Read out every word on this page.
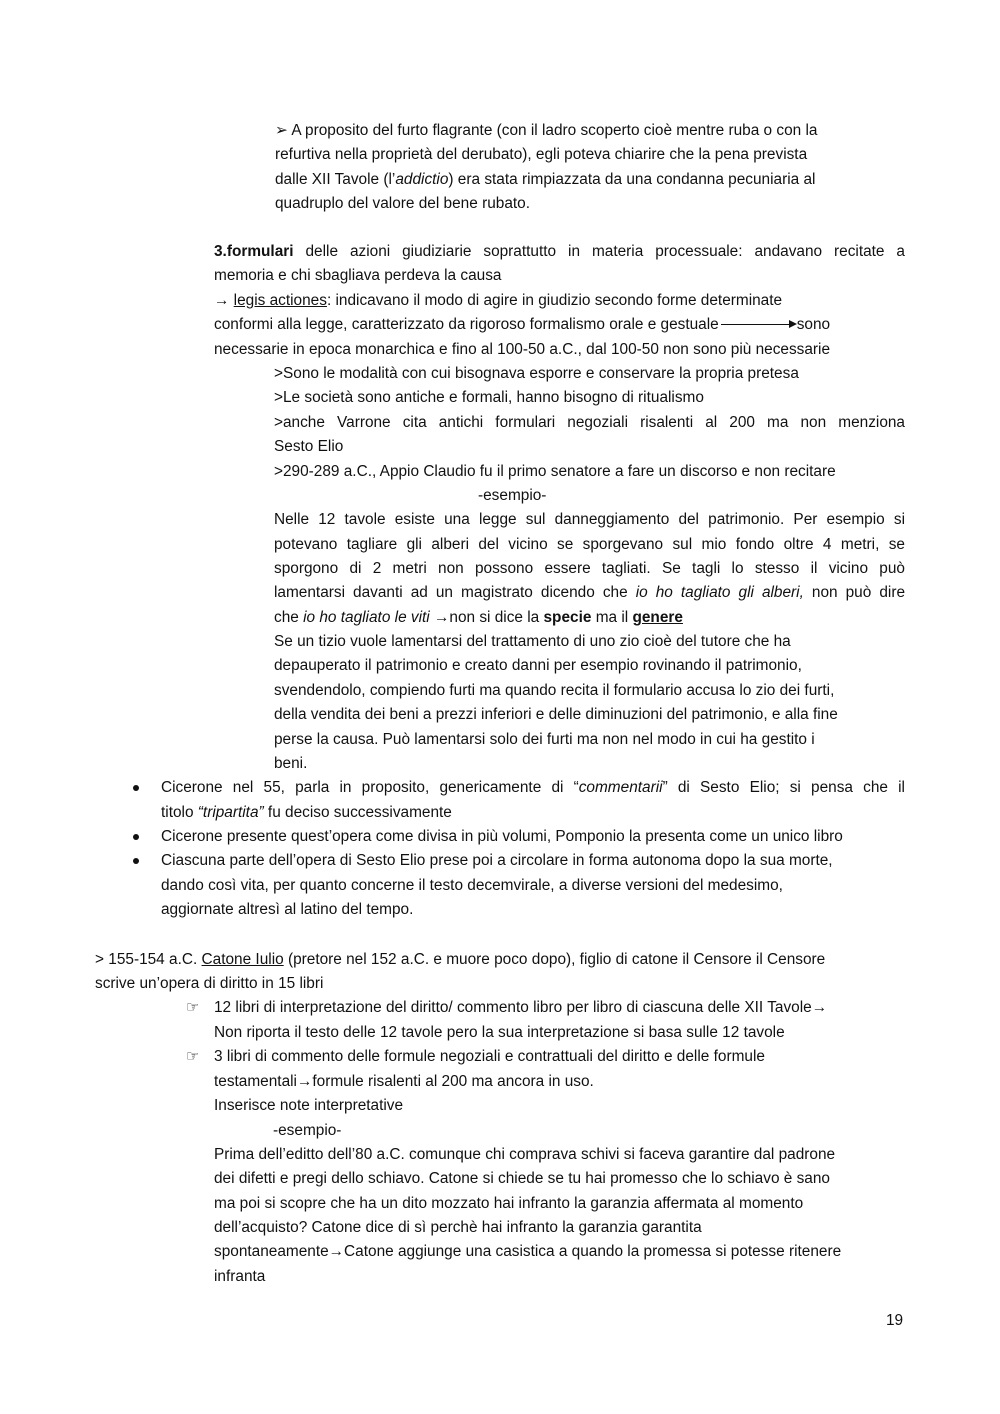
➢ A proposito del furto flagrante (con il ladro scoperto cioè mentre ruba o con la
refurtiva nella proprietà del derubato), egli poteva chiarire che la pena prevista
dalle XII Tavole (l’addictio) era stata rimpiazzata da una condanna pecuniaria al
quadruplo del valore del bene rubato.
3.formulari delle azioni giudiziarie soprattutto in materia processuale: andavano recitate a
memoria e chi sbagliava perdeva la causa
→ legis actiones: indicavano il modo di agire in giudizio secondo forme determinate
conformi alla legge, caratterizzato da rigoroso formalismo orale e gestuale	sono
necessarie in epoca monarchica e fino al 100-50 a.C., dal 100-50 non sono più necessarie
>Sono le modalità con cui bisognava esporre e conservare la propria pretesa
>Le società sono antiche e formali, hanno bisogno di ritualismo
>anche Varrone cita antichi formulari negoziali risalenti al 200 ma non menziona
Sesto Elio
>290-289 a.C., Appio Claudio fu il primo senatore a fare un discorso e non recitare
-esempio-
Nelle 12 tavole esiste una legge sul danneggiamento del patrimonio. Per esempio si
potevano tagliare gli alberi del vicino se sporgevano sul mio fondo oltre 4 metri, se
sporgono di 2 metri non possono essere tagliati. Se tagli lo stesso il vicino può
lamentarsi davanti ad un magistrato dicendo che io ho tagliato gli alberi, non può dire
che io ho tagliato le viti →non si dice la specie ma il genere
Se un tizio vuole lamentarsi del trattamento di uno zio cioè del tutore che ha
depauperato il patrimonio e creato danni per esempio rovinando il patrimonio,
svendendolo, compiendo furti ma quando recita il formulario accusa lo zio dei furti,
della vendita dei beni a prezzi inferiori e delle diminuzioni del patrimonio, e alla fine
perse la causa. Può lamentarsi solo dei furti ma non nel modo in cui ha gestito i
beni.
Cicerone nel 55, parla in proposito, genericamente di “commentarii” di Sesto Elio; si pensa che il
titolo “tripartita” fu deciso successivamente
Cicerone presente quest’opera come divisa in più volumi, Pomponio la presenta come un unico libro
Ciascuna parte dell’opera di Sesto Elio prese poi a circolare in forma autonoma dopo la sua morte,
dando così vita, per quanto concerne il testo decemvirale, a diverse versioni del medesimo,
aggiornate altresì al latino del tempo.
> 155-154 a.C. Catone Iulio (pretore nel 152 a.C. e muore poco dopo), figlio di catone il Censore il Censore
scrive un’opera di diritto in 15 libri
☞ 12 libri di interpretazione del diritto/ commento libro per libro di ciascuna delle XII Tavole→
Non riporta il testo delle 12 tavole pero la sua interpretazione si basa sulle 12 tavole
☞ 3 libri di commento delle formule negoziali e contrattuali del diritto e delle formule
testamentali→formule risalenti al 200 ma ancora in uso.
Inserisce note interpretative
-esempio-
Prima dell’editto dell’80 a.C. comunque chi comprava schivi si faceva garantire dal padrone
dei difetti e pregi dello schiavo. Catone si chiede se tu hai promesso che lo schiavo è sano
ma poi si scopre che ha un dito mozzato hai infranto la garanzia affermata al momento
dell’acquisto? Catone dice di sì perchè hai infranto la garanzia garantita
spontaneamente→Catone aggiunge una casistica a quando la promessa si potesse ritenere
infranta
19
